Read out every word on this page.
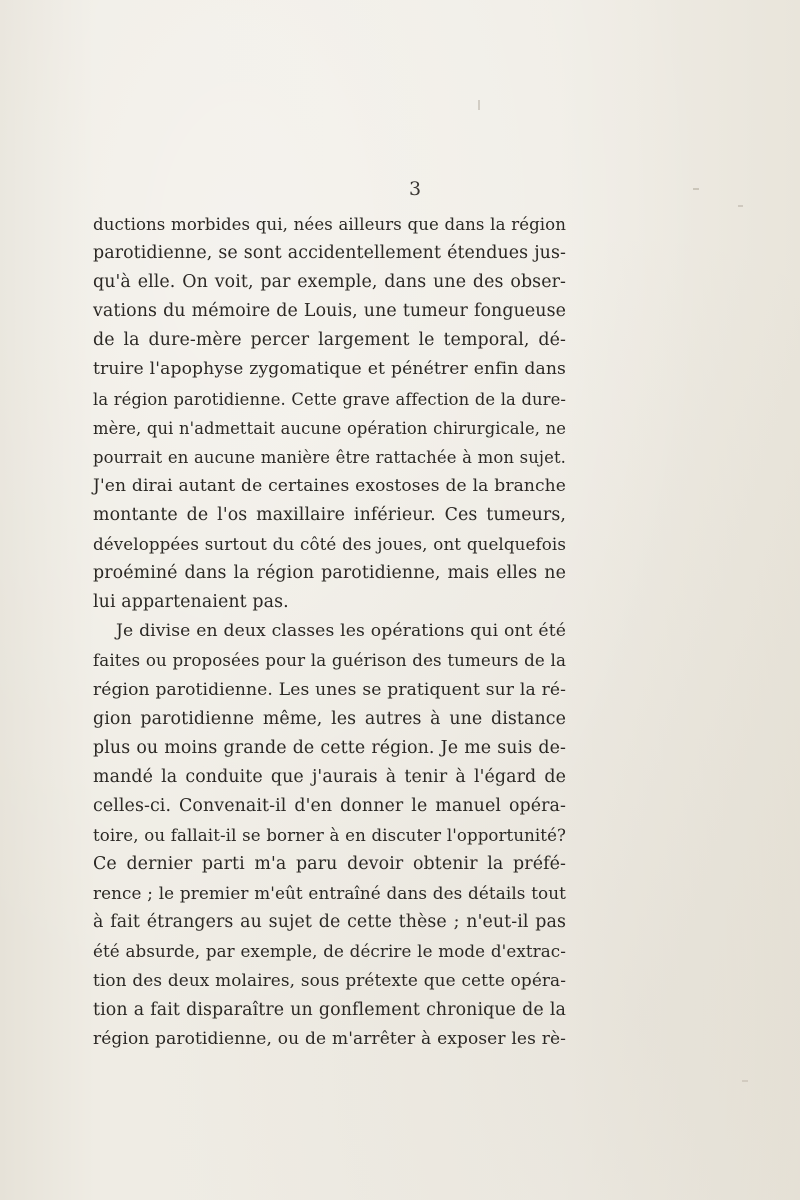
3
ductions morbides qui, nées ailleurs que dans la région
parotidienne, se sont accidentellement étendues jus-
qu'à elle. On voit, par exemple, dans une des obser-
vations du mémoire de Louis, une tumeur fongueuse
de la dure-mère percer largement le temporal, dé-
truire l'apophyse zygomatique et pénétrer enfin dans
la région parotidienne. Cette grave affection de la dure-
mère, qui n'admettait aucune opération chirurgicale, ne
pourrait en aucune manière être rattachée à mon sujet.
J'en dirai autant de certaines exostoses de la branche
montante de l'os maxillaire inférieur. Ces tumeurs,
développées surtout du côté des joues, ont quelquefois
proéminé dans la région parotidienne, mais elles ne
lui appartenaient pas.
Je divise en deux classes les opérations qui ont été
faites ou proposées pour la guérison des tumeurs de la
région parotidienne. Les unes se pratiquent sur la ré-
gion parotidienne même, les autres à une distance
plus ou moins grande de cette région. Je me suis de-
mandé la conduite que j'aurais à tenir à l'égard de
celles-ci. Convenait-il d'en donner le manuel opéra-
toire, ou fallait-il se borner à en discuter l'opportunité?
Ce dernier parti m'a paru devoir obtenir la préfé-
rence ; le premier m'eût entraîné dans des détails tout
à fait étrangers au sujet de cette thèse ; n'eut-il pas
été absurde, par exemple, de décrire le mode d'extrac-
tion des deux molaires, sous prétexte que cette opéra-
tion a fait disparaître un gonflement chronique de la
région parotidienne, ou de m'arrêter à exposer les rè-
